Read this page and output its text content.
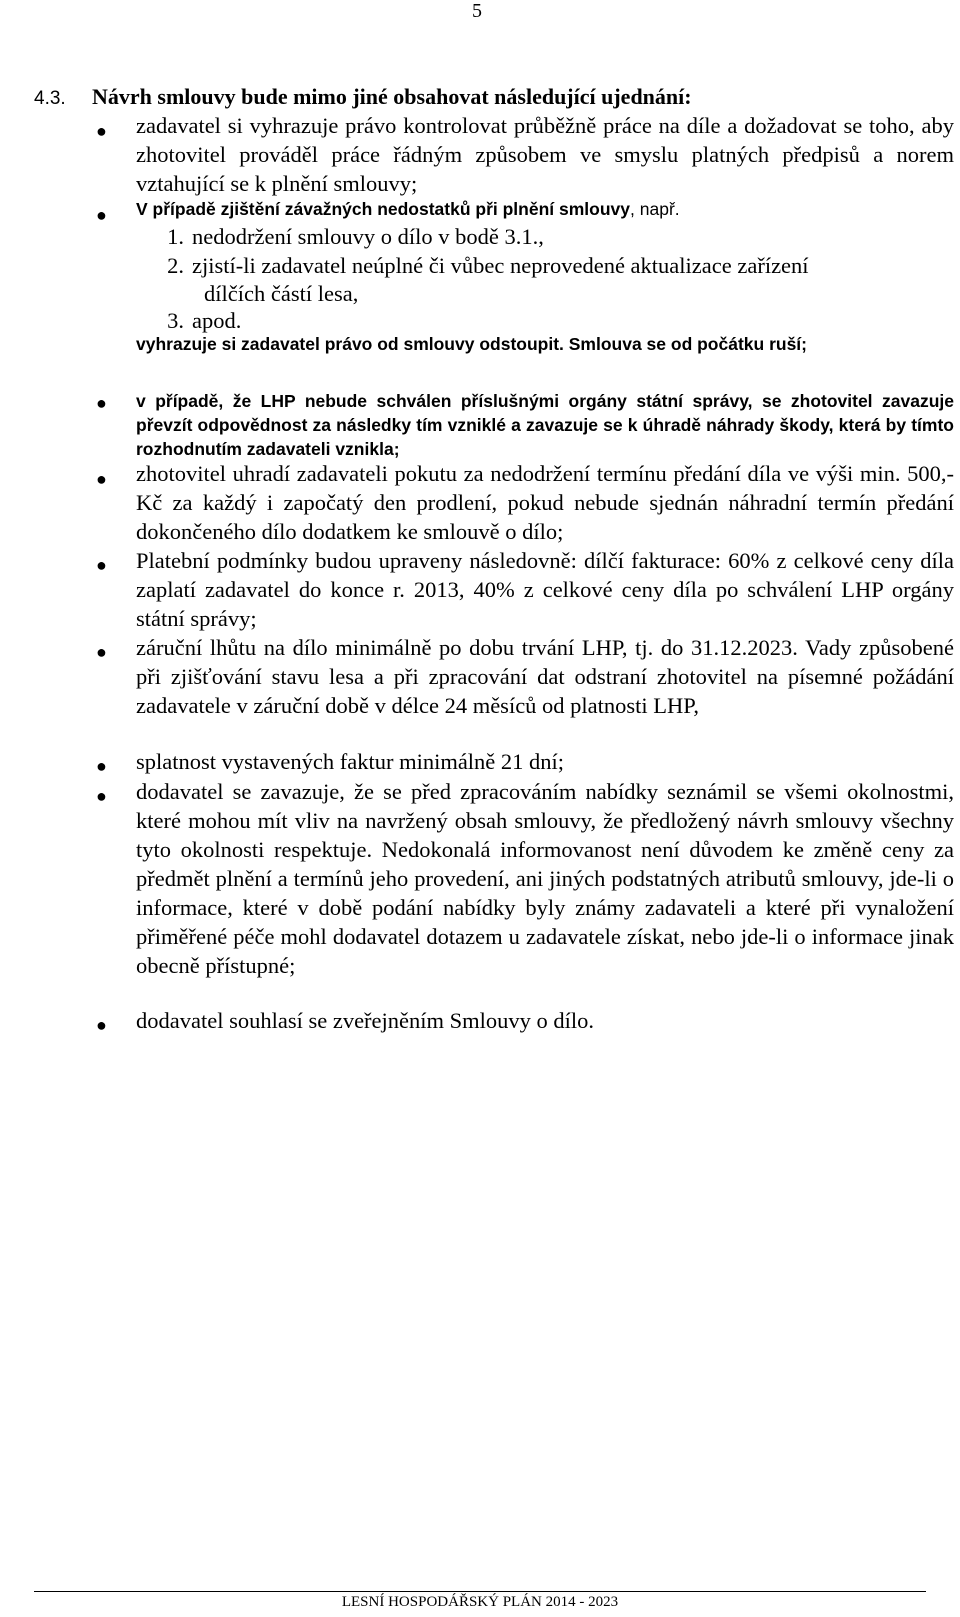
5
4.3. Návrh smlouvy bude mimo jiné obsahovat následující ujednání:
● zadavatel si vyhrazuje právo kontrolovat průběžně práce na díle a dožadovat se toho, aby zhotovitel prováděl práce řádným způsobem ve smyslu platných předpisů a norem vztahující se k plnění smlouvy;
● V případě zjištění závažných nedostatků při plnění smlouvy, např.
1. nedodržení smlouvy o dílo v bodě 3.1.,
2. zjistí-li zadavatel neúplné či vůbec neprovedené aktualizace zařízení
dílčích částí lesa,
3. apod.
vyhrazuje si zadavatel právo od smlouvy odstoupit. Smlouva se od počátku ruší;
● v případě, že LHP nebude schválen příslušnými orgány státní správy, se zhotovitel zavazuje převzít odpovědnost za následky tím vzniklé a zavazuje se k úhradě náhrady škody, která by tímto rozhodnutím zadavateli vznikla;
● zhotovitel uhradí zadavateli pokutu za nedodržení termínu předání díla ve výši min. 500,- Kč za každý i započatý den prodlení, pokud nebude sjednán náhradní termín předání dokončeného dílo dodatkem ke smlouvě o dílo;
● Platební podmínky budou upraveny následovně: dílčí fakturace: 60% z celkové ceny díla zaplatí zadavatel do konce r. 2013, 40% z celkové ceny díla po schválení LHP orgány státní správy;
● záruční lhůtu na dílo minimálně po dobu trvání LHP, tj. do 31.12.2023. Vady způsobené při zjišťování stavu lesa a při zpracování dat odstraní zhotovitel na písemné požádání zadavatele v záruční době v délce 24 měsíců od platnosti LHP,
● splatnost vystavených faktur minimálně 21 dní;
● dodavatel se zavazuje, že se před zpracováním nabídky seznámil se všemi okolnostmi, které mohou mít vliv na navržený obsah smlouvy, že předložený návrh smlouvy všechny tyto okolnosti respektuje. Nedokonalá informovanost není důvodem ke změně ceny za předmět plnění a termínů jeho provedení, ani jiných podstatných atributů smlouvy, jde-li o informace, které v době podání nabídky byly známy zadavateli a které při vynaložení přiměřené péče mohl dodavatel dotazem u zadavatele získat, nebo jde-li o informace jinak obecně přístupné;
● dodavatel souhlasí se zveřejněním Smlouvy o dílo.
LESNÍ HOSPODÁŘSKÝ PLÁN 2014 - 2023
